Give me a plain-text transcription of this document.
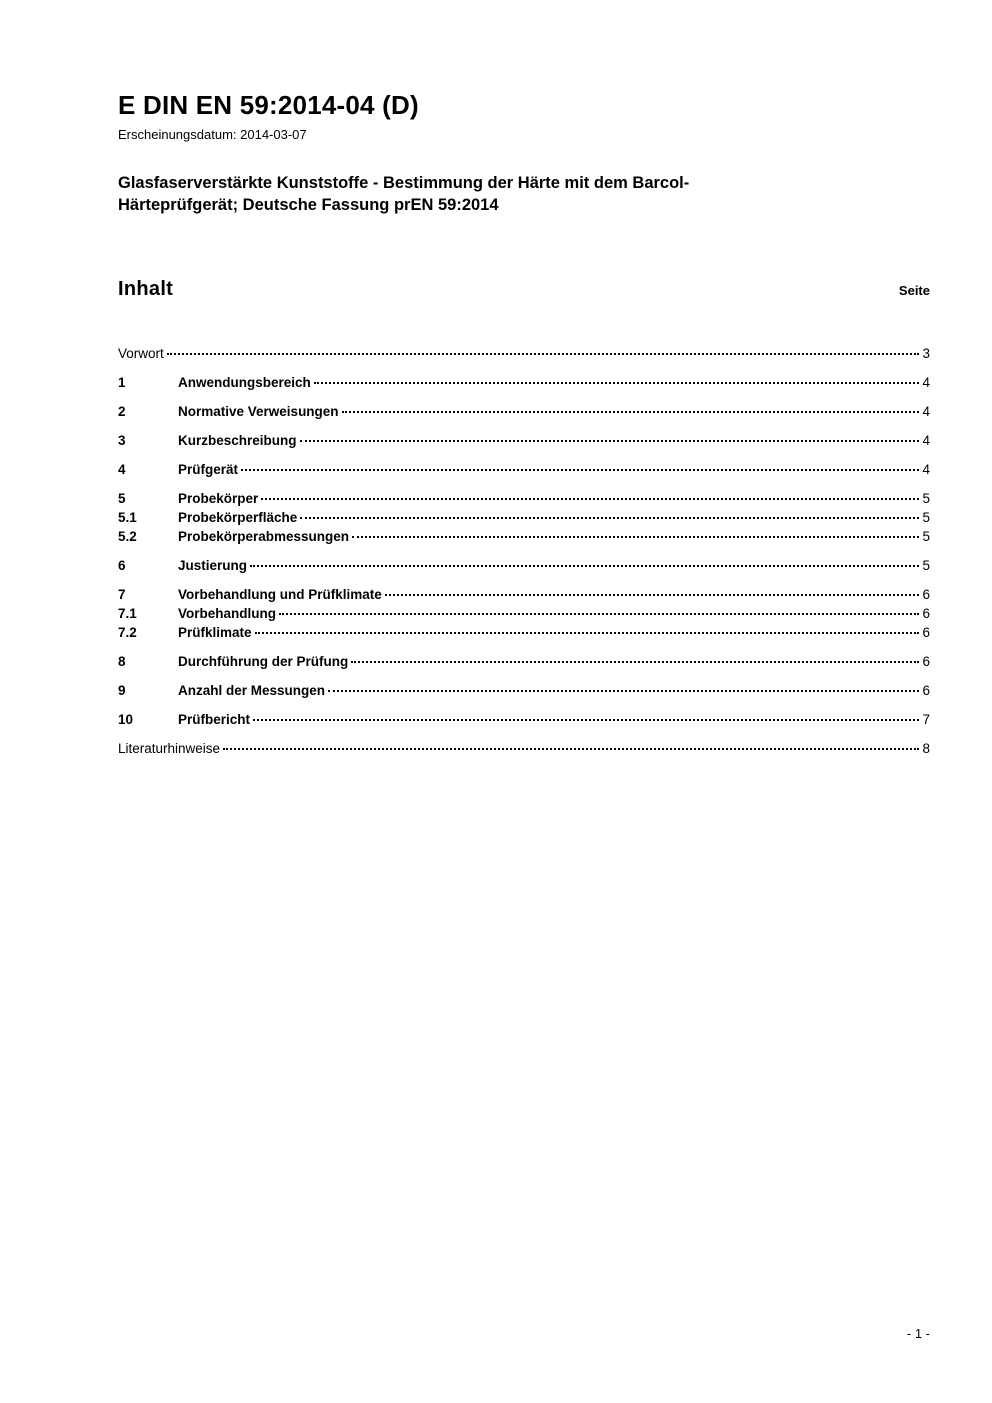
E DIN EN 59:2014-04 (D)
Erscheinungsdatum: 2014-03-07
Glasfaserverstärkte Kunststoffe - Bestimmung der Härte mit dem Barcol-
Härteprüfgerät; Deutsche Fassung prEN 59:2014
Inhalt	Seite
Vorwort	3
1	Anwendungsbereich	4
2	Normative Verweisungen	4
3	Kurzbeschreibung	4
4	Prüfgerät	4
5	Probekörper	5
5.1	Probekörperfläche	5
5.2	Probekörperabmessungen	5
6	Justierung	5
7	Vorbehandlung und Prüfklimate	6
7.1	Vorbehandlung	6
7.2	Prüfklimate	6
8	Durchführung der Prüfung	6
9	Anzahl der Messungen	6
10	Prüfbericht	7
Literaturhinweise	8
- 1 -
